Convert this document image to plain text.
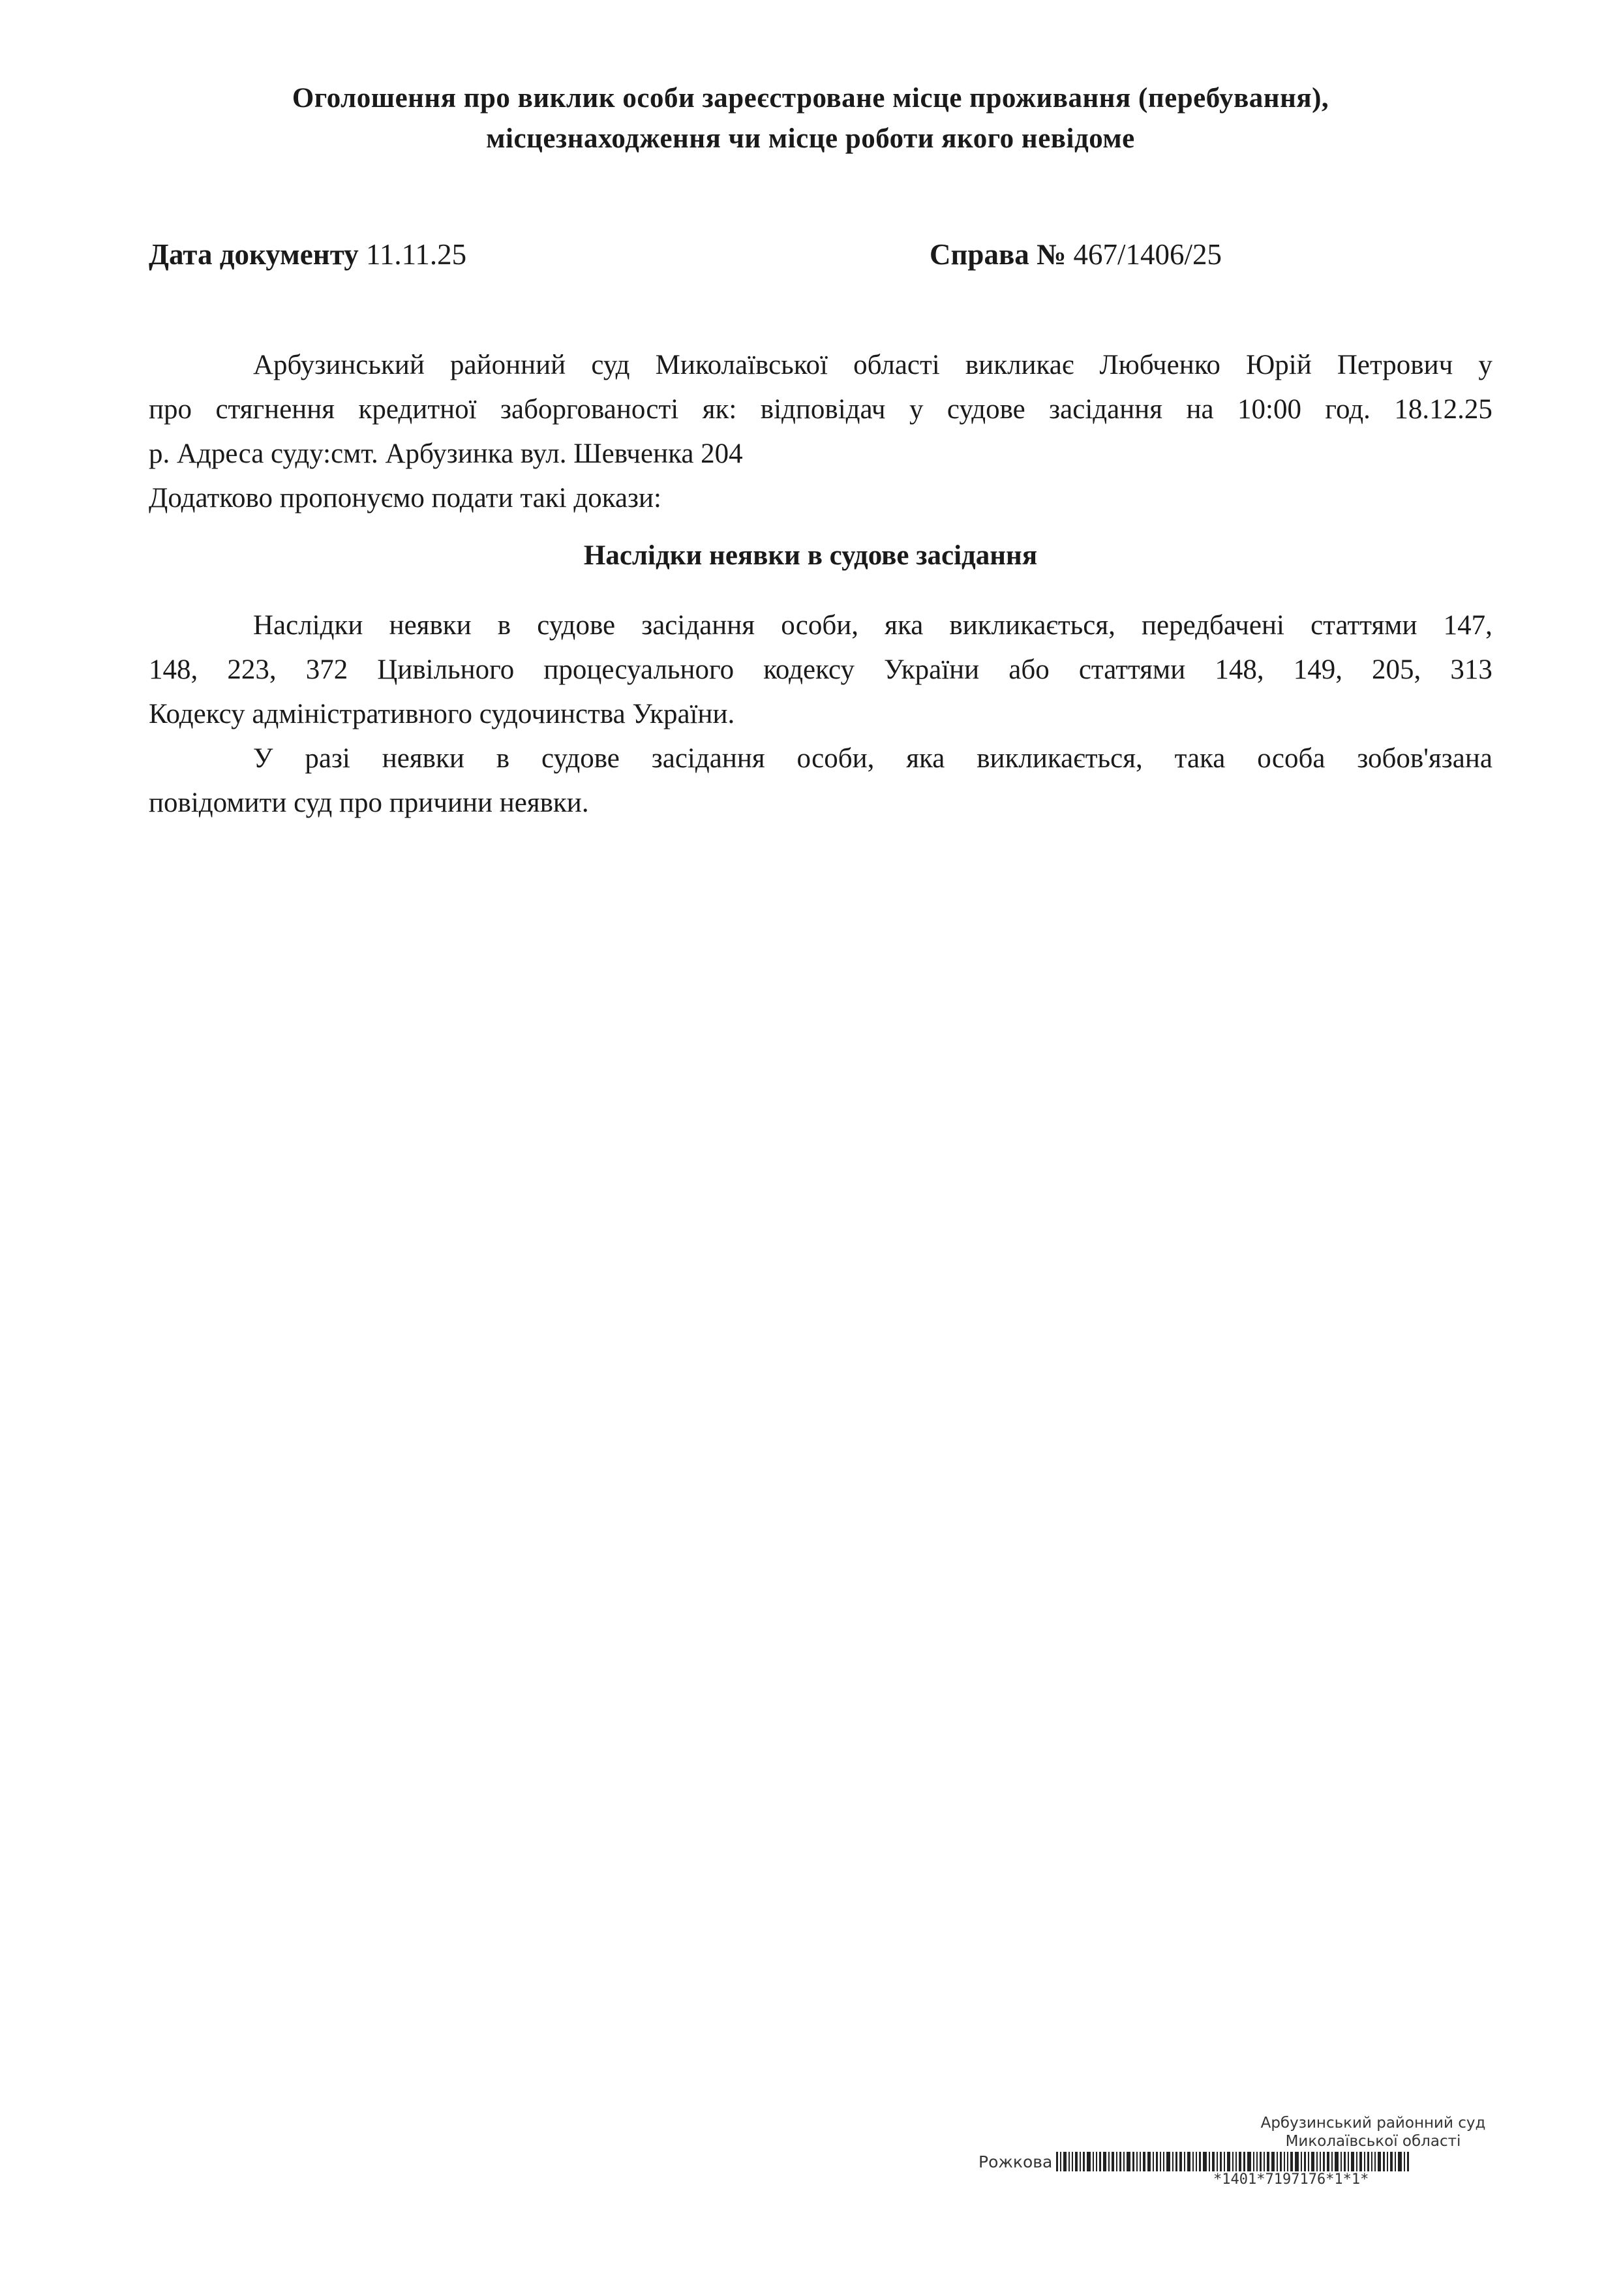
Оголошення про виклик особи зареєстроване місце проживання (перебування),
місцезнаходження чи місце роботи якого невідоме
Дата документу 11.11.25	Справа № 467/1406/25
Арбузинський районний суд Миколаївської області викликає Любченко Юрій Петрович у
про стягнення кредитної заборгованості як: відповідач у судове засідання на 10:00 год. 18.12.25
р. Адреса суду:смт. Арбузинка вул. Шевченка 204
Додатково пропонуємо подати такі докази:
Наслідки неявки в судове засідання
Наслідки неявки в судове засідання особи, яка викликається, передбачені статтями 147,
148, 223, 372 Цивільного процесуального кодексу України або статтями 148, 149, 205, 313
Кодексу адміністративного судочинства України.
У разі неявки в судове засідання особи, яка викликається, така особа зобов'язана
повідомити суд про причини неявки.
Арбузинський районний суд
Миколаївської області
Рожкова
*1401*7197176*1*1*
